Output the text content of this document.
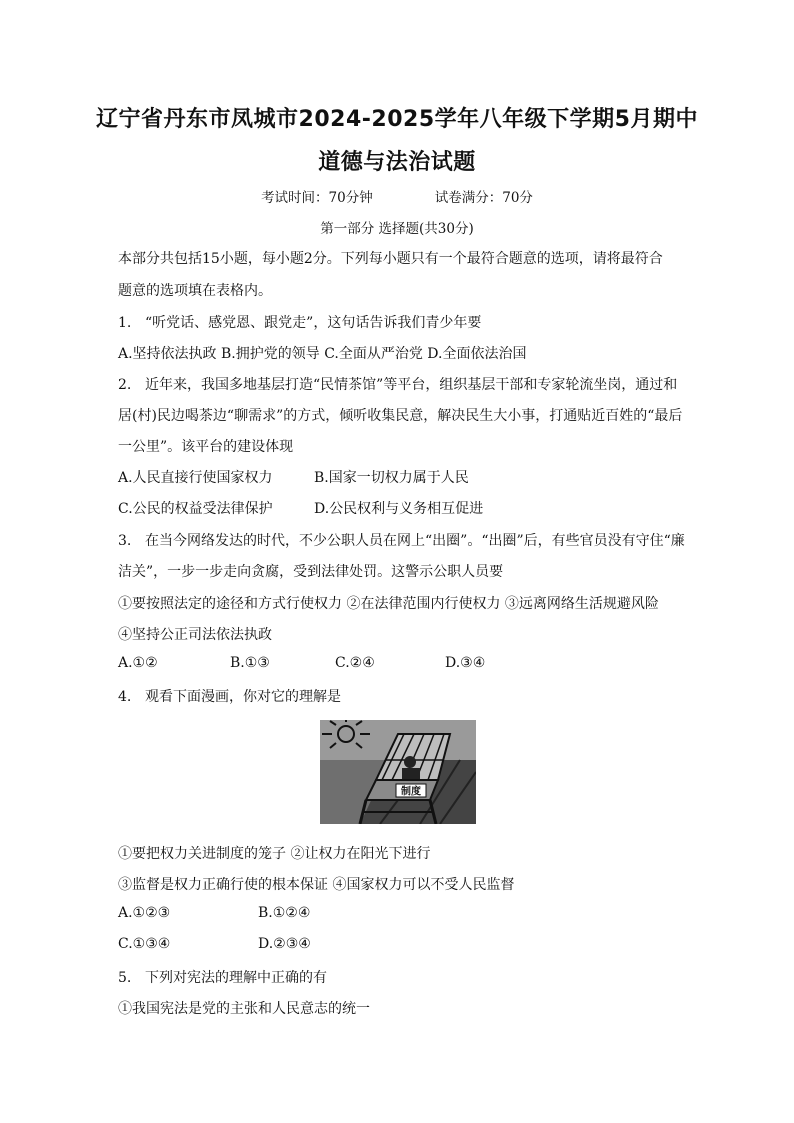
辽宁省丹东市凤城市2024-2025学年八年级下学期5月期中
道德与法治试题
考试时间：70分钟	试卷满分：70分
第一部分 选择题(共30分)
本部分共包括15小题，每小题2分。下列每小题只有一个最符合题意的选项，请将最符合
题意的选项填在表格内。
1. “听党话、感党恩、跟党走”，这句话告诉我们青少年要
A.坚持依法执政 B.拥护党的领导 C.全面从严治党 D.全面依法治国
2. 近年来，我国多地基层打造“民情茶馆”等平台，组织基层干部和专家轮流坐岗，通过和
居(村)民边喝茶边“聊需求”的方式，倾听收集民意，解决民生大小事，打通贴近百姓的“最后
一公里”。该平台的建设体现
A.人民直接行使国家权力	B.国家一切权力属于人民
C.公民的权益受法律保护	D.公民权利与义务相互促进
3. 在当今网络发达的时代，不少公职人员在网上“出圈”。“出圈”后，有些官员没有守住“廉
洁关”，一步一步走向贪腐，受到法律处罚。这警示公职人员要
①要按照法定的途径和方式行使权力 ②在法律范围内行使权力 ③远离网络生活规避风险
④坚持公正司法依法执政
A.①②	B.①③	C.②④	D.③④
4. 观看下面漫画，你对它的理解是
制度
①要把权力关进制度的笼子 ②让权力在阳光下进行
③监督是权力正确行使的根本保证 ④国家权力可以不受人民监督
A.①②③	B.①②④
C.①③④	D.②③④
5. 下列对宪法的理解中正确的有
①我国宪法是党的主张和人民意志的统一
